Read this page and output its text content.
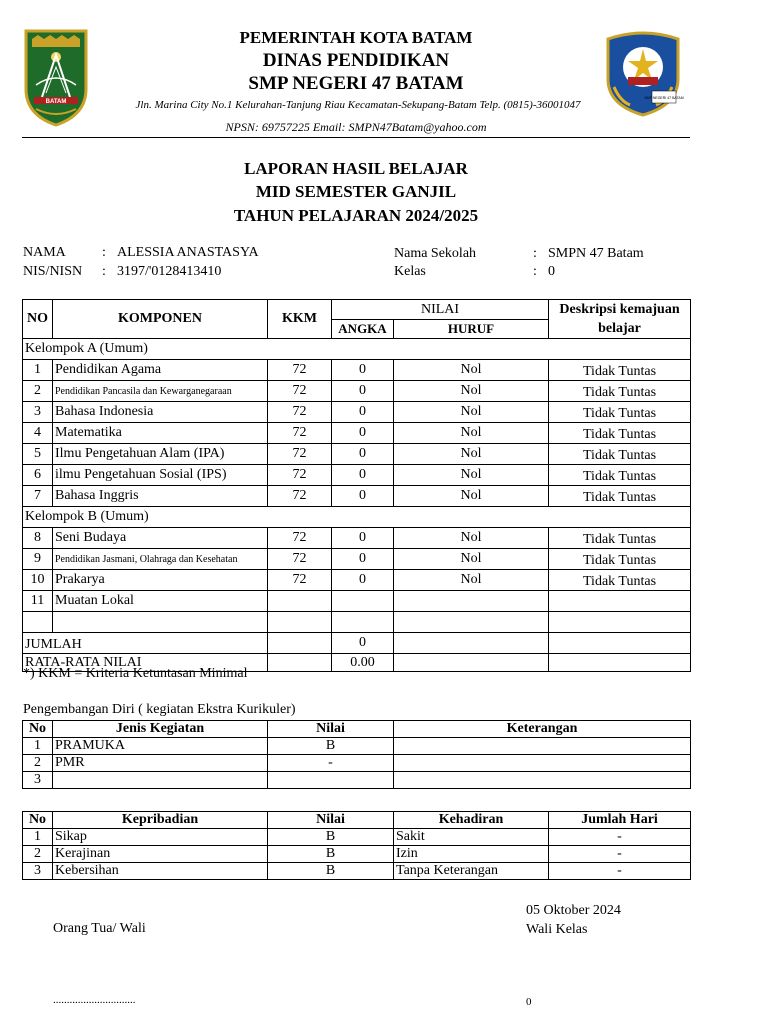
BATAM
PEMERINTAH KOTA BATAM
DINAS PENDIDIKAN
SMP NEGERI 47 BATAM
Jln. Marina City No.1 Kelurahan-Tanjung Riau Kecamatan-Sekupang-Batam Telp. (0815)-36001047
NPSN: 69757225 Email: SMPN47Batam@yahoo.com
SMP NEGERI 47 BATAM
LAPORAN HASIL BELAJAR
MID SEMESTER GANJIL
TAHUN PELAJARAN 2024/2025
NAMA	: ALESSIA ANASTASYA
NIS/NISN : 3197/'0128413410
Nama Sekolah	: SMPN 47 Batam
Kelas	: 0
NO	KOMPONEN	KKM	NILAI		Deskripsi kemajuan
belajar

			ANGKA	HURUF	
Kelompok A (Umum)					
1	Pendidikan Agama	72	0	Nol	Tidak Tuntas
2	Pendidikan Pancasila dan Kewarganegaraan	72	0	Nol	Tidak Tuntas
3	Bahasa Indonesia	72	0	Nol	Tidak Tuntas
4	Matematika	72	0	Nol	Tidak Tuntas
5	Ilmu Pengetahuan Alam (IPA)	72	0	Nol	Tidak Tuntas
6	ilmu Pengetahuan Sosial (IPS)	72	0	Nol	Tidak Tuntas
7	Bahasa Inggris	72	0	Nol	Tidak Tuntas
Kelompok B (Umum)					
8	Seni Budaya	72	0	Nol	Tidak Tuntas
9	Pendidikan Jasmani, Olahraga dan Kesehatan	72	0	Nol	Tidak Tuntas
10	Prakarya	72	0	Nol	Tidak Tuntas
11	Muatan Lokal				

JUMLAH			0		
RATA-RATA NILAI			0.00		
*) KKM = Kriteria Ketuntasan Minimal
Pengembangan Diri ( kegiatan Ekstra Kurikuler)
No	Jenis Kegiatan	Nilai	Keterangan
1	PRAMUKA	B	
2	PMR	-	
3			
No	Kepribadian	Nilai	Kehadiran	Jumlah Hari
1	Sikap	B	Sakit	-
2	Kerajinan	B	Izin	-
3	Kebersihan	B	Tanpa Keterangan	-
05 Oktober 2024
Wali Kelas
Orang Tua/ Wali
..............................	0
